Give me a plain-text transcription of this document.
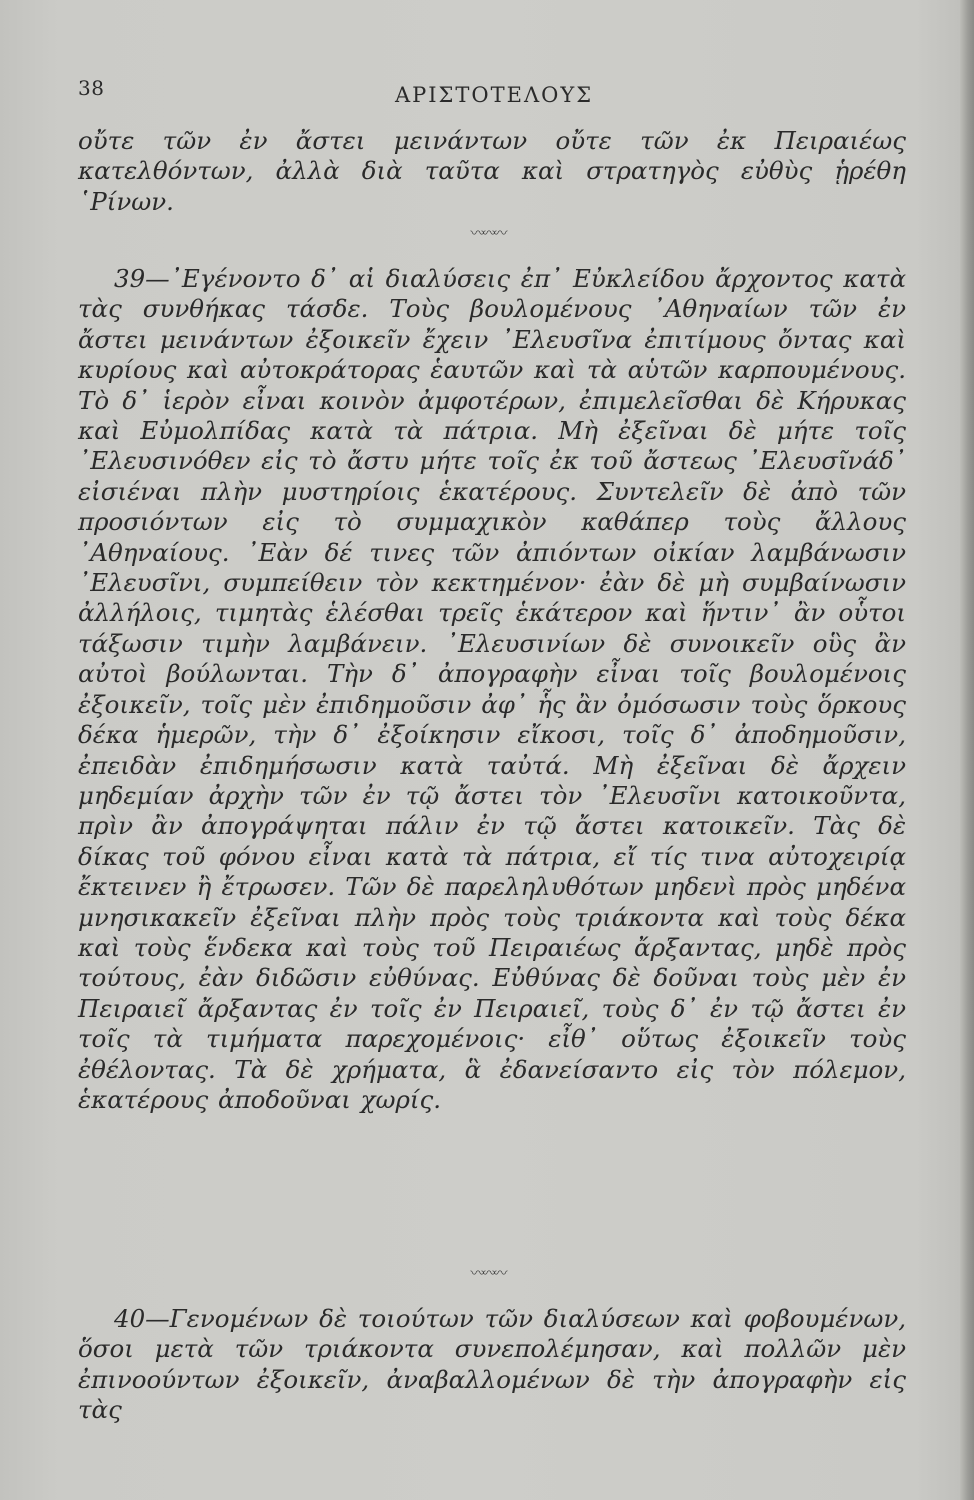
38	ΑΡΙΣΤΟΤΕΛΟΥΣ

οὔτε τῶν ἐν ἄστει μεινάντων οὔτε τῶν ἐκ Πειραιέως κατελθόντων, ἀλλὰ διὰ ταῦτα καὶ στρατηγὸς εὐθὺς ᾑρέθη ῾Ρίνων.

〰〰〰

39—᾿Εγένοντο δ᾿ αἱ διαλύσεις ἐπ᾿ Εὐκλείδου ἄρχοντος κατὰ τὰς συνθήκας τάσδε. Τοὺς βουλομένους ᾿Αθηναίων τῶν ἐν ἄστει μεινάντων ἐξοικεῖν ἔχειν ᾿Ελευσῖνα ἐπιτίμους ὄντας καὶ κυρίους καὶ αὐτοκράτορας ἑαυτῶν καὶ τὰ αὑτῶν καρπουμένους. Τὸ δ᾿ ἱερὸν εἶναι κοινὸν ἀμφοτέρων, ἐπιμελεῖσθαι δὲ Κήρυκας καὶ Εὐμολπίδας κατὰ τὰ πάτρια. Μὴ ἐξεῖναι δὲ μήτε τοῖς ᾿Ελευσινόθεν εἰς τὸ ἄστυ μήτε τοῖς ἐκ τοῦ ἄστεως ᾿Ελευσῖνάδ᾿ εἰσιέναι πλὴν μυστηρίοις ἑκατέρους. Συντελεῖν δὲ ἀπὸ τῶν προσιόντων εἰς τὸ συμμαχικὸν καθάπερ τοὺς ἄλλους ᾿Αθηναίους. ᾿Εὰν δέ τινες τῶν ἀπιόντων οἰκίαν λαμβάνωσιν ᾿Ελευσῖνι, συμπείθειν τὸν κεκτημένον· ἐὰν δὲ μὴ συμβαίνωσιν ἀλλήλοις, τιμητὰς ἑλέσθαι τρεῖς ἑκάτερον καὶ ἥντιν᾿ ἂν οὗτοι τάξωσιν τιμὴν λαμβάνειν. ᾿Ελευσινίων δὲ συνοικεῖν οὓς ἂν αὐτοὶ βούλωνται. Τὴν δ᾿ ἀπογραφὴν εἶναι τοῖς βουλομένοις ἐξοικεῖν, τοῖς μὲν ἐπιδημοῦσιν ἀφ᾿ ἧς ἂν ὀμόσωσιν τοὺς ὅρκους δέκα ἡμερῶν, τὴν δ᾿ ἐξοίκησιν εἴκοσι, τοῖς δ᾿ ἀποδημοῦσιν, ἐπειδὰν ἐπιδημήσωσιν κατὰ ταὐτά. Μὴ ἐξεῖναι δὲ ἄρχειν μηδεμίαν ἀρχὴν τῶν ἐν τῷ ἄστει τὸν ᾿Ελευσῖνι κατοικοῦντα, πρὶν ἂν ἀπογράψηται πάλιν ἐν τῷ ἄστει κατοικεῖν. Τὰς δὲ δίκας τοῦ φόνου εἶναι κατὰ τὰ πάτρια, εἴ τίς τινα αὐτοχειρίᾳ ἔκτεινεν ἢ ἔτρωσεν. Τῶν δὲ παρεληλυθότων μηδενὶ πρὸς μηδένα μνησικακεῖν ἐξεῖναι πλὴν πρὸς τοὺς τριάκοντα καὶ τοὺς δέκα καὶ τοὺς ἕνδεκα καὶ τοὺς τοῦ Πειραιέως ἄρξαντας, μηδὲ πρὸς τούτους, ἐὰν διδῶσιν εὐθύνας. Εὐθύνας δὲ δοῦναι τοὺς μὲν ἐν Πειραιεῖ ἄρξαντας ἐν τοῖς ἐν Πειραιεῖ, τοὺς δ᾿ ἐν τῷ ἄστει ἐν τοῖς τὰ τιμήματα παρεχομένοις· εἶθ᾿ οὕτως ἐξοικεῖν τοὺς ἐθέλοντας. Τὰ δὲ χρήματα, ἃ ἐδανείσαντο εἰς τὸν πόλεμον, ἑκατέρους ἀποδοῦναι χωρίς.

〰〰〰

40—Γενομένων δὲ τοιούτων τῶν διαλύσεων καὶ φοβουμένων, ὅσοι μετὰ τῶν τριάκοντα συνεπολέμησαν, καὶ πολλῶν μὲν ἐπινοούντων ἐξοικεῖν, ἀναβαλλομένων δὲ τὴν ἀπογραφὴν εἰς τὰς
